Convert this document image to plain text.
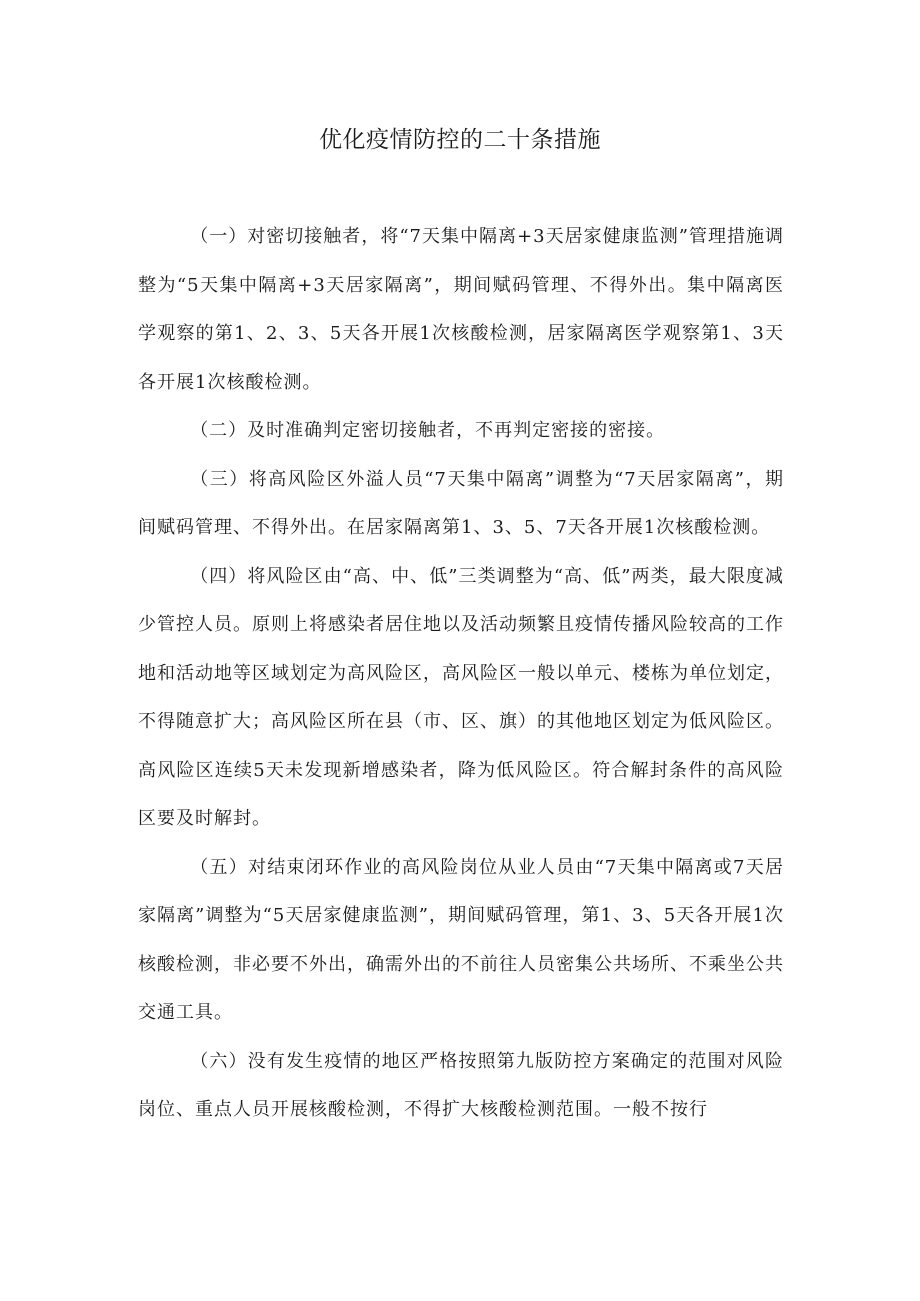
优化疫情防控的二十条措施

（一）对密切接触者，将“7天集中隔离+3天居家健康监测”管理措施调整为“5天集中隔离+3天居家隔离”，期间赋码管理、不得外出。集中隔离医学观察的第1、2、3、5天各开展1次核酸检测，居家隔离医学观察第1、3天各开展1次核酸检测。

（二）及时准确判定密切接触者，不再判定密接的密接。

（三）将高风险区外溢人员“7天集中隔离”调整为“7天居家隔离”，期间赋码管理、不得外出。在居家隔离第1、3、5、7天各开展1次核酸检测。

（四）将风险区由“高、中、低”三类调整为“高、低”两类，最大限度减少管控人员。原则上将感染者居住地以及活动频繁且疫情传播风险较高的工作地和活动地等区域划定为高风险区，高风险区一般以单元、楼栋为单位划定，不得随意扩大；高风险区所在县（市、区、旗）的其他地区划定为低风险区。高风险区连续5天未发现新增感染者，降为低风险区。符合解封条件的高风险区要及时解封。

（五）对结束闭环作业的高风险岗位从业人员由“7天集中隔离或7天居家隔离”调整为“5天居家健康监测”，期间赋码管理，第1、3、5天各开展1次核酸检测，非必要不外出，确需外出的不前往人员密集公共场所、不乘坐公共交通工具。

（六）没有发生疫情的地区严格按照第九版防控方案确定的范围对风险岗位、重点人员开展核酸检测，不得扩大核酸检测范围。一般不按行
